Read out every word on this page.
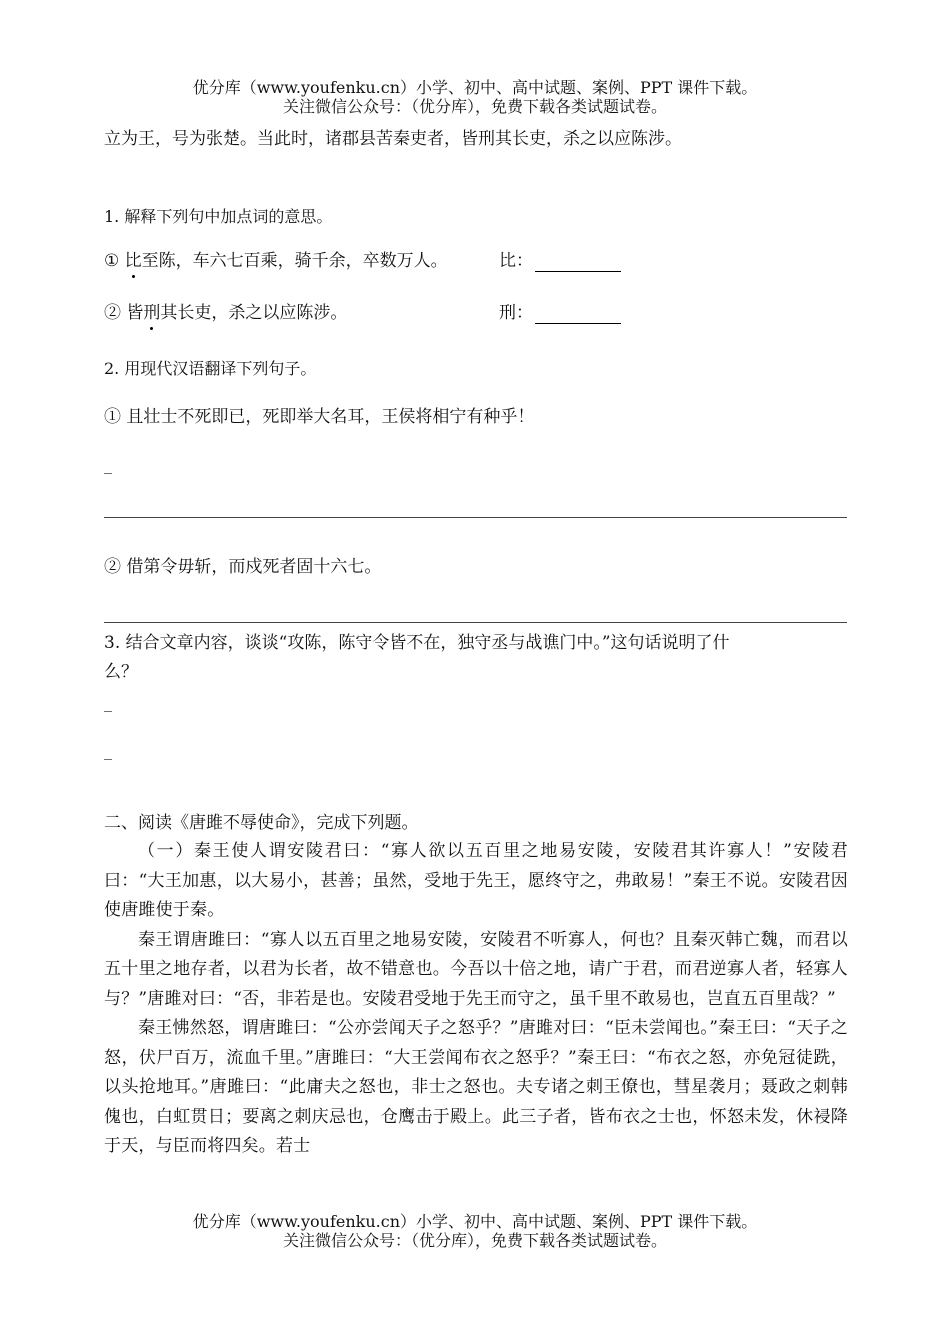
优分库（www.youfenku.cn）小学、初中、高中试题、案例、PPT 课件下载。
关注微信公众号：（优分库），免费下载各类试题试卷。
立为王，号为张楚。当此时，诸郡县苦秦吏者，皆刑其长吏，杀之以应陈涉。
1. 解释下列句中加点词的意思。
① 比至陈，车六七百乘，骑千余，卒数万人。	比：
② 皆刑其长吏，杀之以应陈涉。	刑：
2. 用现代汉语翻译下列句子。
① 且壮士不死即已，死即举大名耳，王侯将相宁有种乎！
_
② 借第令毋斩，而戍死者固十六七。
3. 结合文章内容，谈谈“攻陈，陈守令皆不在，独守丞与战谯门中。”这句话说明了什
么？
_
_
二、阅读《唐雎不辱使命》，完成下列题。

（一）秦王使人谓安陵君曰：“寡人欲以五百里之地易安陵，安陵君其许寡人！”安陵君曰：“大王加惠，以大易小，甚善；虽然，受地于先王，愿终守之，弗敢易！”秦王不说。安陵君因使唐雎使于秦。

秦王谓唐雎曰：“寡人以五百里之地易安陵，安陵君不听寡人，何也？且秦灭韩亡魏，而君以五十里之地存者，以君为长者，故不错意也。今吾以十倍之地，请广于君，而君逆寡人者，轻寡人与？”唐雎对曰：“否，非若是也。安陵君受地于先王而守之，虽千里不敢易也，岂直五百里哉？”

秦王怫然怒，谓唐雎曰：“公亦尝闻天子之怒乎？”唐雎对曰：“臣未尝闻也。”秦王曰：“天子之怒，伏尸百万，流血千里。”唐雎曰：“大王尝闻布衣之怒乎？”秦王曰：“布衣之怒，亦免冠徒跣，以头抢地耳。”唐雎曰：“此庸夫之怒也，非士之怒也。夫专诸之刺王僚也，彗星袭月；聂政之刺韩傀也，白虹贯日；要离之刺庆忌也，仓鹰击于殿上。此三子者，皆布衣之士也，怀怒未发，休祲降于天，与臣而将四矣。若士

优分库（www.youfenku.cn）小学、初中、高中试题、案例、PPT 课件下载。
关注微信公众号：（优分库），免费下载各类试题试卷。
